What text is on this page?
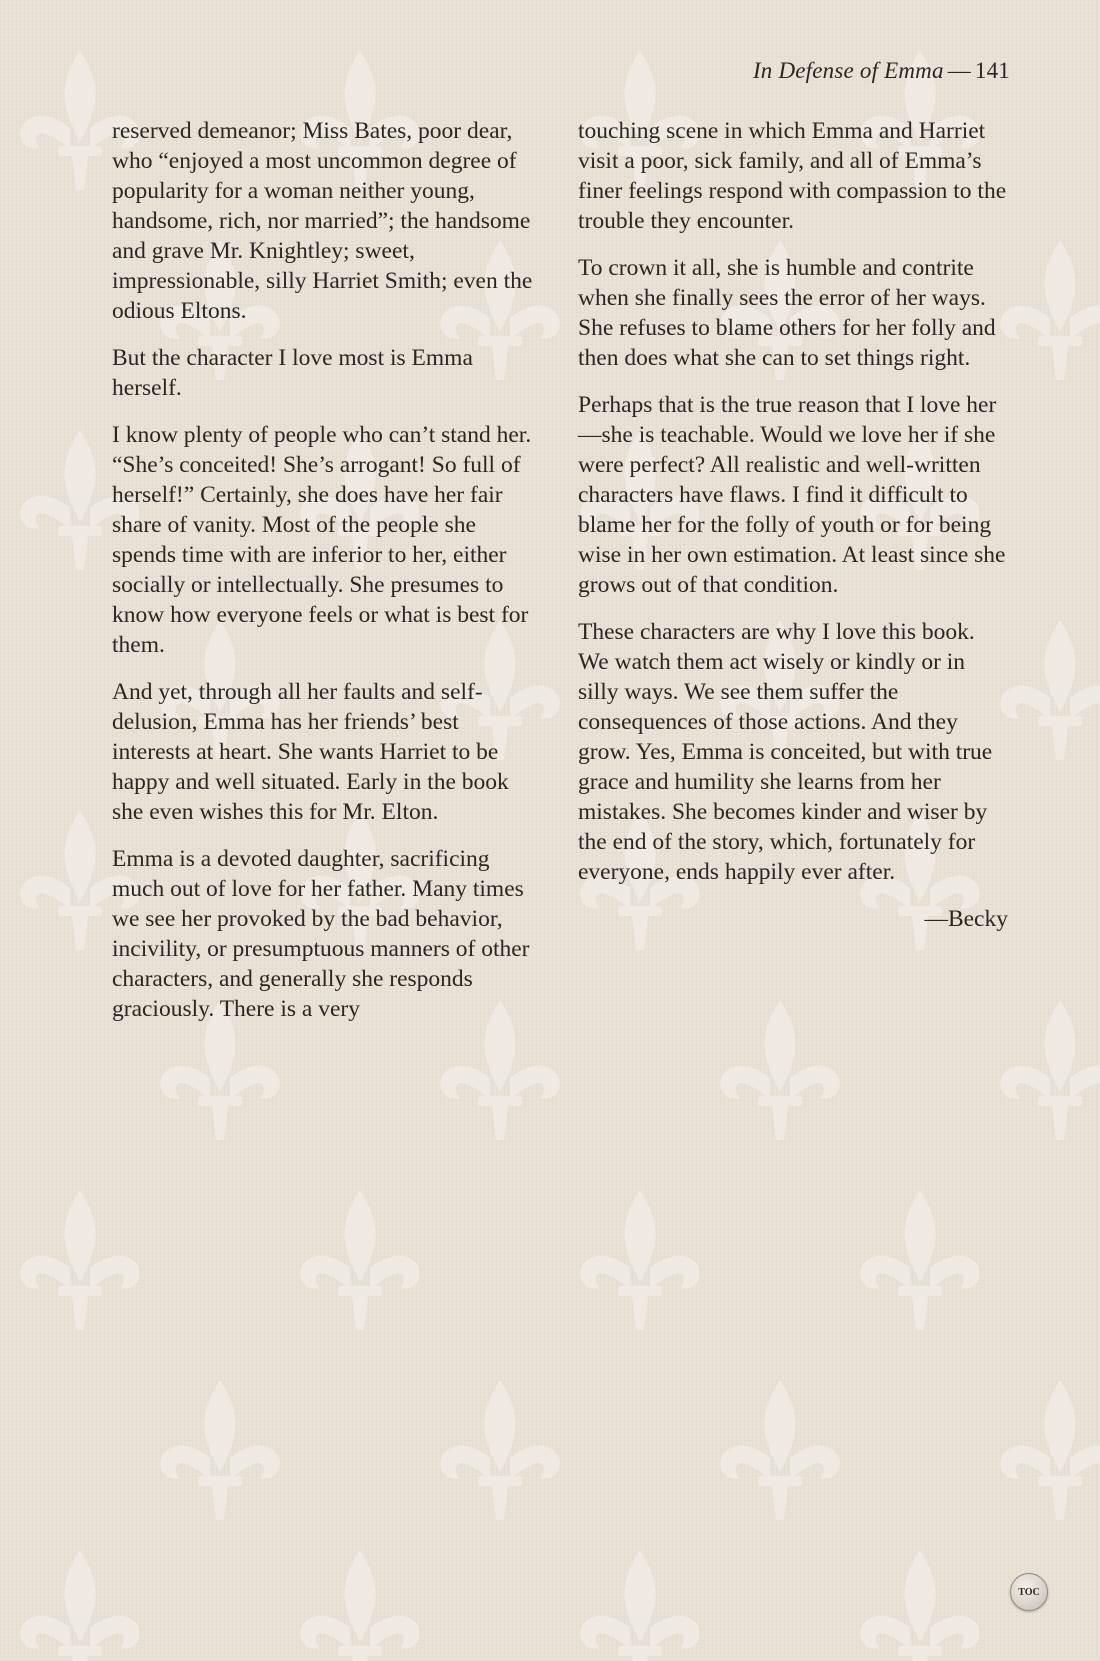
In Defense of Emma — 141

reserved demeanor; Miss Bates, poor dear, who “enjoyed a most uncommon degree of popularity for a woman neither young, handsome, rich, nor married”; the handsome and grave Mr. Knightley; sweet, impressionable, silly Harriet Smith; even the odious Eltons.

But the character I love most is Emma herself.

I know plenty of people who can’t stand her. “She’s conceited! She’s arrogant! So full of herself!” Certainly, she does have her fair share of vanity. Most of the people she spends time with are inferior to her, either socially or intellectually. She presumes to know how everyone feels or what is best for them.

And yet, through all her faults and self-delusion, Emma has her friends’ best interests at heart. She wants Harriet to be happy and well situated. Early in the book she even wishes this for Mr. Elton.

Emma is a devoted daughter, sacrificing much out of love for her father. Many times we see her provoked by the bad behavior, incivility, or presumptuous manners of other characters, and generally she responds graciously. There is a very

touching scene in which Emma and Harriet visit a poor, sick family, and all of Emma’s finer feelings respond with compassion to the trouble they encounter.

To crown it all, she is humble and contrite when she finally sees the error of her ways. She refuses to blame others for her folly and then does what she can to set things right.

Perhaps that is the true reason that I love her—she is teachable. Would we love her if she were perfect? All realistic and well-written characters have flaws. I find it difficult to blame her for the folly of youth or for being wise in her own estimation. At least since she grows out of that condition.

These characters are why I love this book. We watch them act wisely or kindly or in silly ways. We see them suffer the consequences of those actions. And they grow. Yes, Emma is conceited, but with true grace and humility she learns from her mistakes. She becomes kinder and wiser by the end of the story, which, fortunately for everyone, ends happily ever after.

—Becky

TOC
